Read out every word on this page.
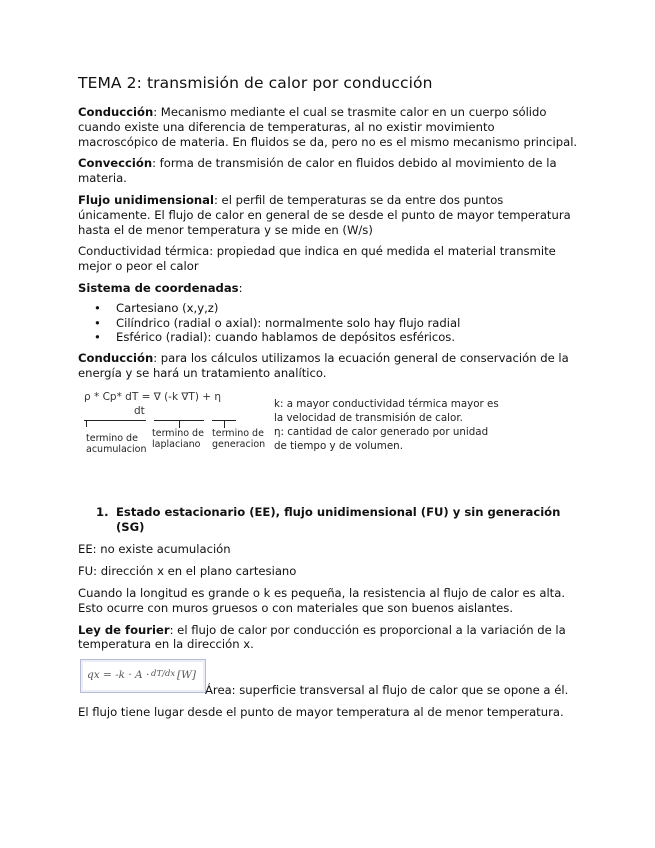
TEMA 2: transmisión de calor por conducción

Conducción: Mecanismo mediante el cual se trasmite calor en un cuerpo sólido cuando existe una diferencia de temperaturas, al no existir movimiento macroscópico de materia. En fluidos se da, pero no es el mismo mecanismo principal.

Convección: forma de transmisión de calor en fluidos debido al movimiento de la materia.

Flujo unidimensional: el perfil de temperaturas se da entre dos puntos únicamente. El flujo de calor en general de se desde el punto de mayor temperatura hasta el de menor temperatura y se mide en (W/s)

Conductividad térmica: propiedad que indica en qué medida el material transmite mejor o peor el calor

Sistema de coordenadas:

• Cartesiano (x,y,z)
• Cilíndrico (radial o axial): normalmente solo hay flujo radial
• Esférico (radial): cuando hablamos de depósitos esféricos.

Conducción: para los cálculos utilizamos la ecuación general de conservación de la energía y se hará un tratamiento analítico.

ρ * Cp* dT = ∇ (-k ∇T) + η
dt
termino de
acumulacion
termino de
laplaciano
termino de
generacion
k: a mayor conductividad térmica mayor es
la velocidad de transmisión de calor.
η: cantidad de calor generado por unidad
de tiempo y de volumen.
1. Estado estacionario (EE), flujo unidimensional (FU) y sin generación (SG)

EE: no existe acumulación

FU: dirección x en el plano cartesiano

Cuando la longitud es grande o k es pequeña, la resistencia al flujo de calor es alta. Esto ocurre con muros gruesos o con materiales que son buenos aislantes.

Ley de fourier: el flujo de calor por conducción es proporcional a la variación de la temperatura en la dirección x.

qx = -k · A · dT/dx [W]
Área: superficie transversal al flujo de calor que se opone a él.

El flujo tiene lugar desde el punto de mayor temperatura al de menor temperatura.
